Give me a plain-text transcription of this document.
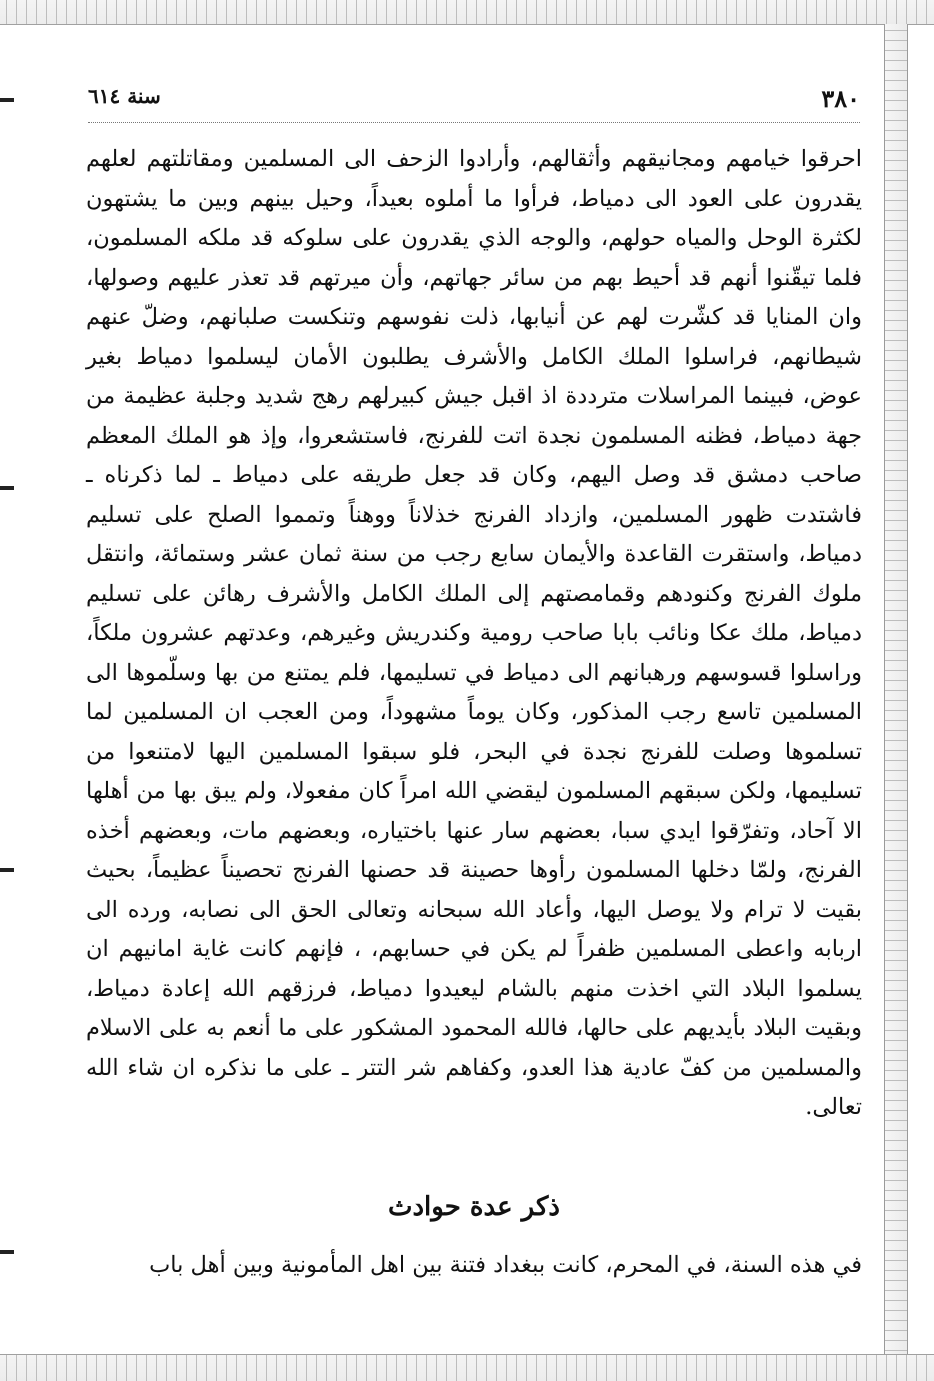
٣٨٠
سنة ٦١٤

احرقوا خيامهم ومجانيقهم وأثقالهم، وأرادوا الزحف الى المسلمين ومقاتلتهم لعلهم يقدرون على العود الى دمياط، فرأوا ما أملوه بعيداً، وحيل بينهم وبين ما يشتهون لكثرة الوحل والمياه حولهم، والوجه الذي يقدرون على سلوكه قد ملكه المسلمون، فلما تيقّنوا أنهم قد أحيط بهم من سائر جهاتهم، وأن ميرتهم قد تعذر عليهم وصولها، وان المنايا قد كشّرت لهم عن أنيابها، ذلت نفوسهم وتنكست صلبانهم، وضلّ عنهم شيطانهم، فراسلوا الملك الكامل والأشرف يطلبون الأمان ليسلموا دمياط بغير عوض، فبينما المراسلات مترددة اذ اقبل جيش كبيرلهم رهج شديد وجلبة عظيمة من جهة دمياط، فظنه المسلمون نجدة اتت للفرنج، فاستشعروا، وإذ هو الملك المعظم صاحب دمشق قد وصل اليهم، وكان قد جعل طريقه على دمياط ـ لما ذكرناه ـ فاشتدت ظهور المسلمين، وازداد الفرنج خذلاناً ووهناً وتمموا الصلح على تسليم دمياط، واستقرت القاعدة والأيمان سابع رجب من سنة ثمان عشر وستمائة، وانتقل ملوك الفرنج وكنودهم وقمامصتهم إلى الملك الكامل والأشرف رهائن على تسليم دمياط، ملك عكا ونائب بابا صاحب رومية وكندريش وغيرهم، وعدتهم عشرون ملكاً، وراسلوا قسوسهم ورهبانهم الى دمياط في تسليمها، فلم يمتنع من بها وسلّموها الى المسلمين تاسع رجب المذكور، وكان يوماً مشهوداً، ومن العجب ان المسلمين لما تسلموها وصلت للفرنج نجدة في البحر، فلو سبقوا المسلمين اليها لامتنعوا من تسليمها، ولكن سبقهم المسلمون ليقضي الله امراً كان مفعولا، ولم يبق بها من أهلها الا آحاد، وتفرّقوا ايدي سبا، بعضهم سار عنها باختياره، وبعضهم مات، وبعضهم أخذه الفرنج، ولمّا دخلها المسلمون رأوها حصينة قد حصنها الفرنج تحصيناً عظيماً، بحيث بقيت لا ترام ولا يوصل اليها، وأعاد الله سبحانه وتعالى الحق الى نصابه، ورده الى اربابه واعطى المسلمين ظفراً لم يكن في حسابهم، ، فإنهم كانت غاية امانيهم ان يسلموا البلاد التي اخذت منهم بالشام ليعيدوا دمياط، فرزقهم الله إعادة دمياط، وبقيت البلاد بأيديهم على حالها، فالله المحمود المشكور على ما أنعم به على الاسلام والمسلمين من كفّ عادية هذا العدو، وكفاهم شر التتر ـ على ما نذكره ان شاء الله تعالى.

ذكر عدة حوادث

في هذه السنة، في المحرم، كانت ببغداد فتنة بين اهل المأمونية وبين أهل باب
